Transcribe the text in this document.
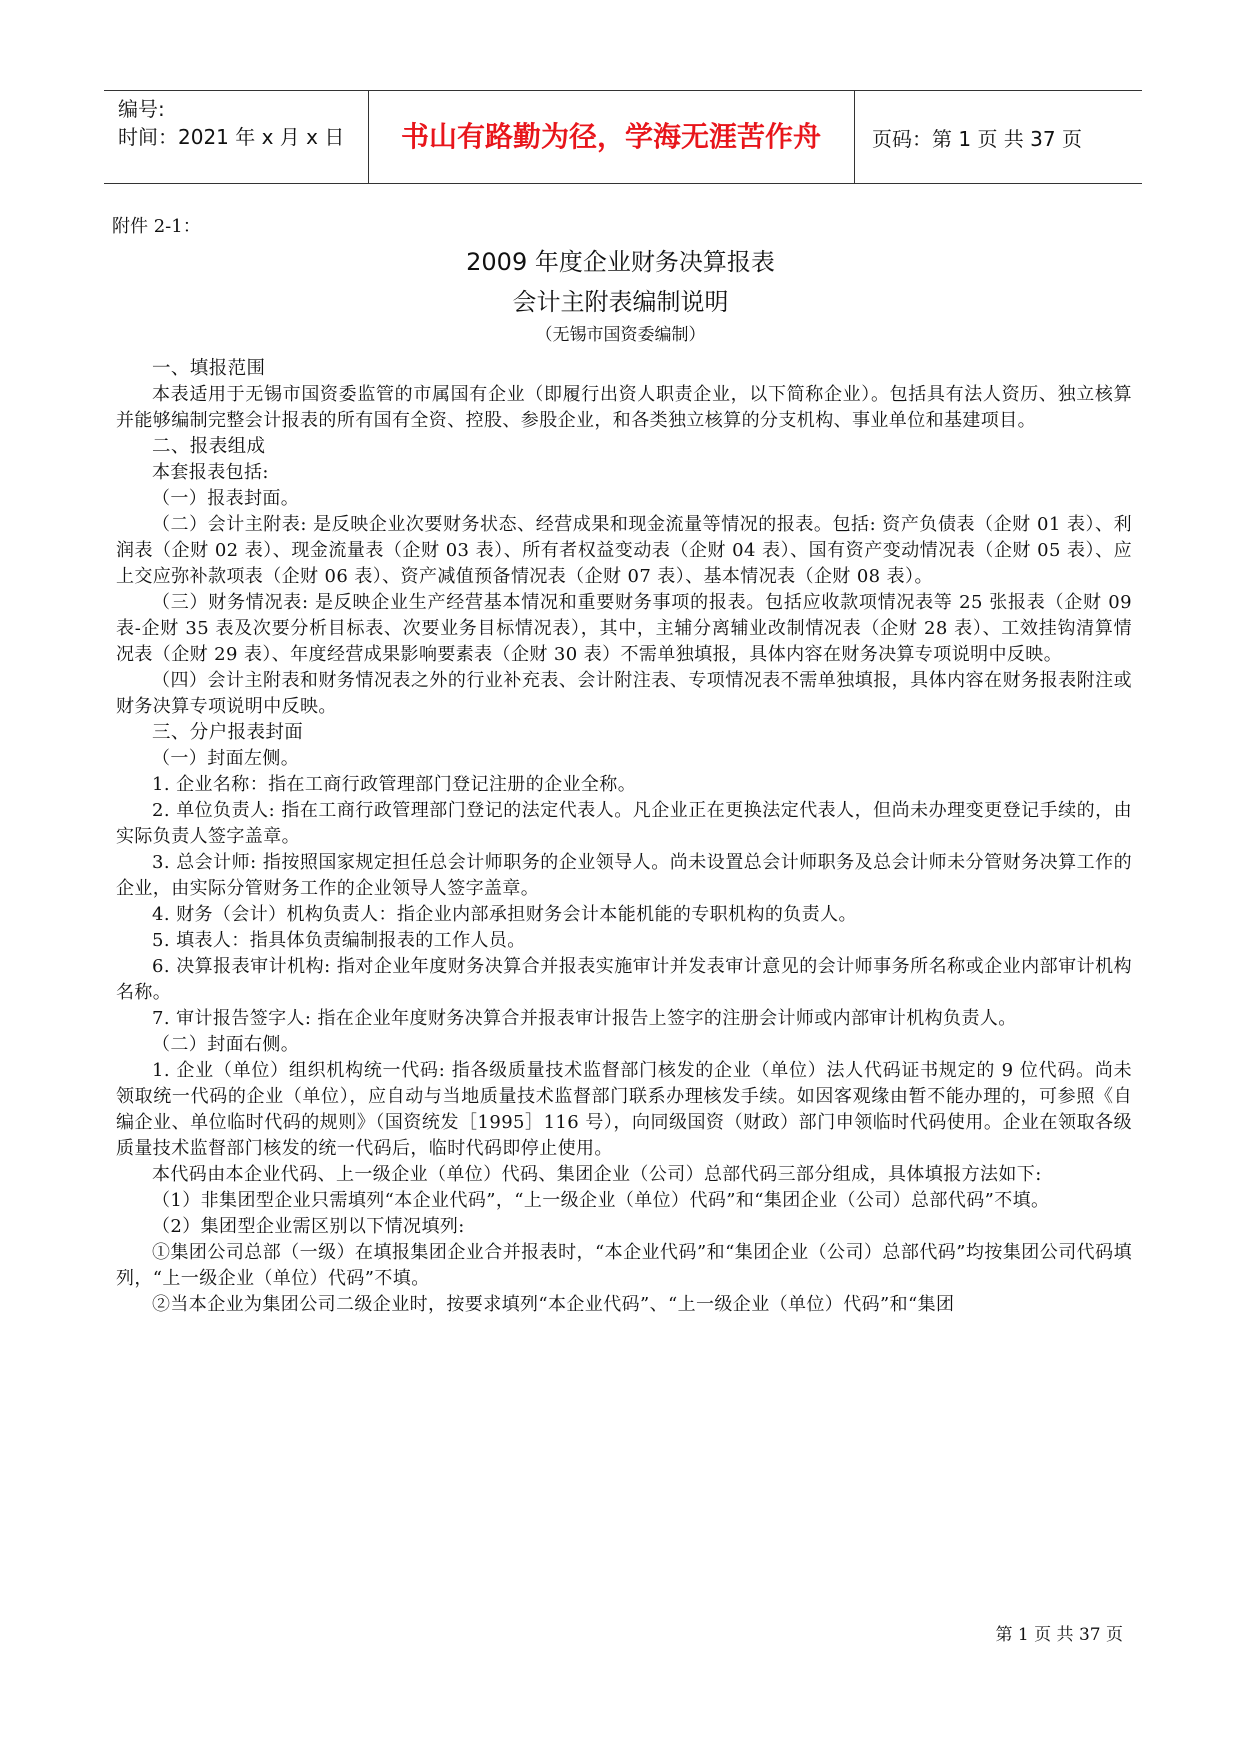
编号:
时间：2021 年 x 月 x 日	书山有路勤为径，学海无涯苦作舟	页码：第 1 页 共 37 页
附件 2-1：
2009 年度企业财务决算报表
会计主附表编制说明
（无锡市国资委编制）

一、填报范围

本表适用于无锡市国资委监管的市属国有企业（即履行出资人职责企业，以下简称企业）。包括具有法人资历、独立核算并能够编制完整会计报表的所有国有全资、控股、参股企业，和各类独立核算的分支机构、事业单位和基建项目。

二、报表组成

本套报表包括:

（一）报表封面。

（二）会计主附表: 是反映企业次要财务状态、经营成果和现金流量等情况的报表。包括: 资产负债表（企财 01 表）、利润表（企财 02 表）、现金流量表（企财 03 表）、所有者权益变动表（企财 04 表）、国有资产变动情况表（企财 05 表）、应上交应弥补款项表（企财 06 表）、资产减值预备情况表（企财 07 表）、基本情况表（企财 08 表）。

（三）财务情况表: 是反映企业生产经营基本情况和重要财务事项的报表。包括应收款项情况表等 25 张报表（企财 09 表-企财 35 表及次要分析目标表、次要业务目标情况表），其中，主辅分离辅业改制情况表（企财 28 表）、工效挂钩清算情况表（企财 29 表）、年度经营成果影响要素表（企财 30 表）不需单独填报，具体内容在财务决算专项说明中反映。

（四）会计主附表和财务情况表之外的行业补充表、会计附注表、专项情况表不需单独填报，具体内容在财务报表附注或财务决算专项说明中反映。

三、分户报表封面

（一）封面左侧。

1. 企业名称：指在工商行政管理部门登记注册的企业全称。

2. 单位负责人: 指在工商行政管理部门登记的法定代表人。凡企业正在更换法定代表人，但尚未办理变更登记手续的，由实际负责人签字盖章。

3. 总会计师: 指按照国家规定担任总会计师职务的企业领导人。尚未设置总会计师职务及总会计师未分管财务决算工作的企业，由实际分管财务工作的企业领导人签字盖章。

4. 财务（会计）机构负责人：指企业内部承担财务会计本能机能的专职机构的负责人。

5. 填表人：指具体负责编制报表的工作人员。

6. 决算报表审计机构: 指对企业年度财务决算合并报表实施审计并发表审计意见的会计师事务所名称或企业内部审计机构名称。

7. 审计报告签字人: 指在企业年度财务决算合并报表审计报告上签字的注册会计师或内部审计机构负责人。

（二）封面右侧。

1. 企业（单位）组织机构统一代码: 指各级质量技术监督部门核发的企业（单位）法人代码证书规定的 9 位代码。尚未领取统一代码的企业（单位），应自动与当地质量技术监督部门联系办理核发手续。如因客观缘由暂不能办理的，可参照《自编企业、单位临时代码的规则》（国资统发［1995］116 号），向同级国资（财政）部门申领临时代码使用。企业在领取各级质量技术监督部门核发的统一代码后，临时代码即停止使用。

本代码由本企业代码、上一级企业（单位）代码、集团企业（公司）总部代码三部分组成，具体填报方法如下:

（1）非集团型企业只需填列“本企业代码”，“上一级企业（单位）代码”和“集团企业（公司）总部代码”不填。

（2）集团型企业需区别以下情况填列:

①集团公司总部（一级）在填报集团企业合并报表时，“本企业代码”和“集团企业（公司）总部代码”均按集团公司代码填列，“上一级企业（单位）代码”不填。

②当本企业为集团公司二级企业时，按要求填列“本企业代码”、“上一级企业（单位）代码”和“集团

第 1 页 共 37 页
